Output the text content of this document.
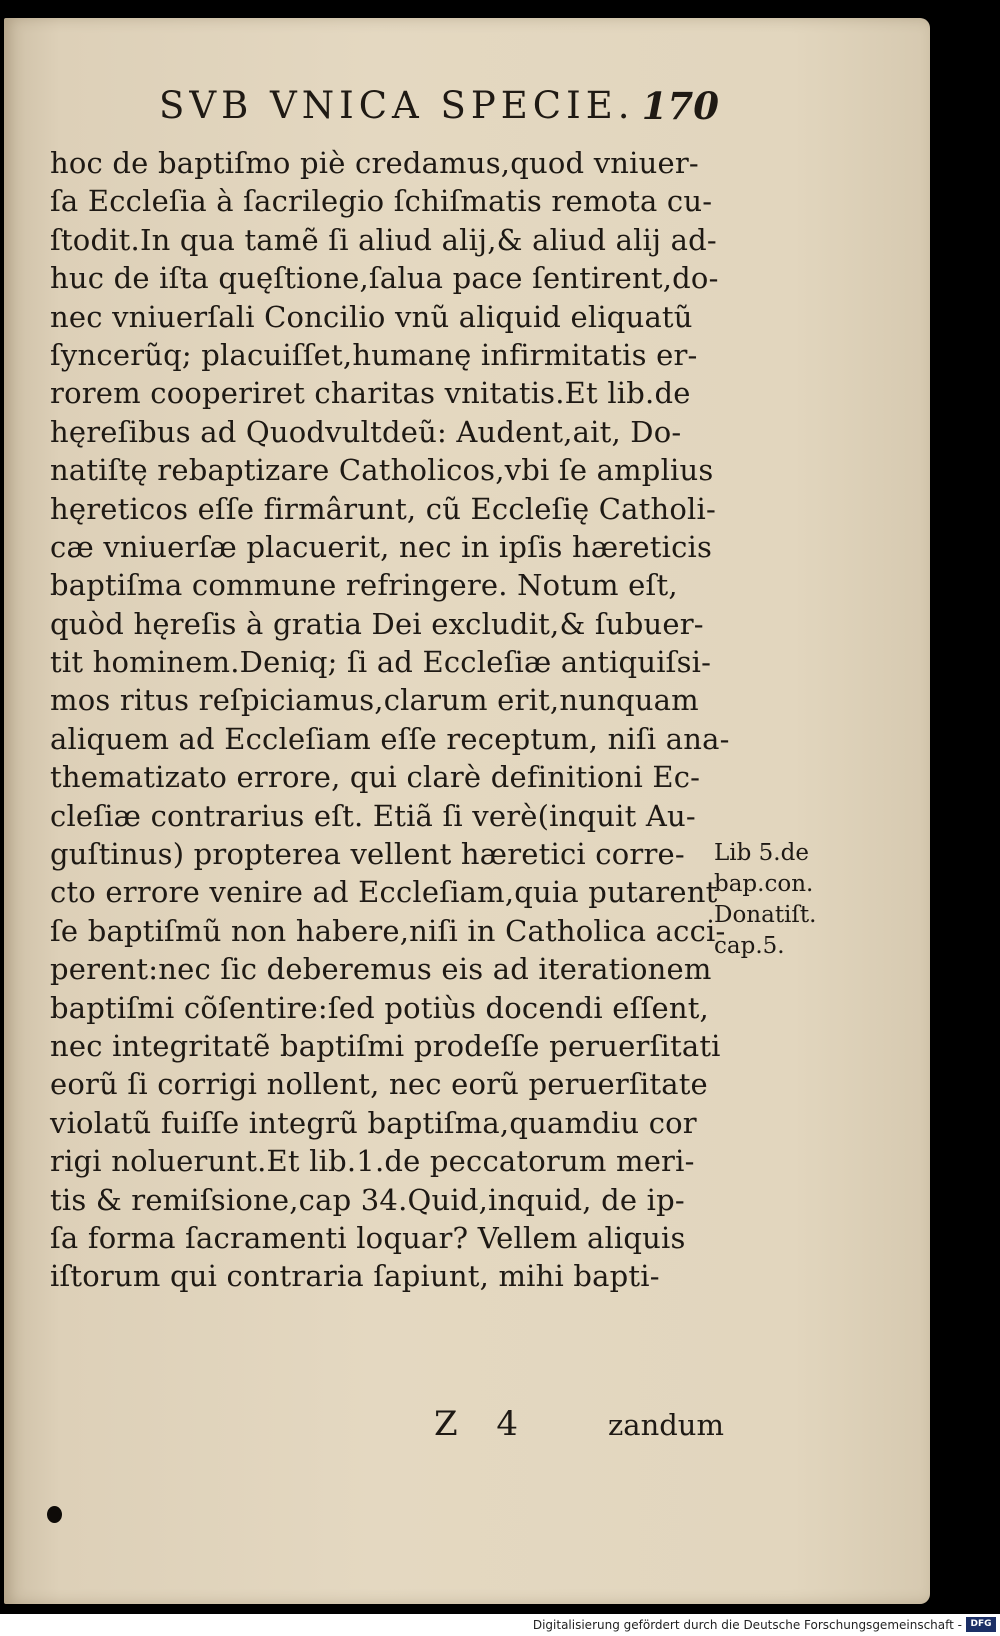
SVB VNICA SPECIE. 170
hoc de baptiſmo piè credamus,quod vniuer-
ſa Eccleſia à ſacrilegio ſchiſmatis remota cu-
ſtodit.In qua tamẽ ſi aliud alij,& aliud alij ad-
huc de iſta quęſtione,ſalua pace ſentirent,do-
nec vniuerſali Concilio vnũ aliquid eliquatũ
ſyncerũq; placuiſſet,humanę infirmitatis er-
rorem cooperiret charitas vnitatis.Et lib.de
hęreſibus ad Quodvultdeũ: Audent,ait, Do-
natiſtę rebaptizare Catholicos,vbi ſe amplius
hęreticos eſſe firmârunt, cũ Eccleſię Catholi-
cæ vniuerſæ placuerit, nec in ipſis hæreticis
baptiſma commune refringere. Notum eſt,
quòd hęreſis à gratia Dei excludit,& ſubuer-
tit hominem.Deniq; ſi ad Eccleſiæ antiquiſsi-
mos ritus reſpiciamus,clarum erit,nunquam
aliquem ad Eccleſiam eſſe receptum, niſi ana-
thematizato errore, qui clarè definitioni Ec-
cleſiæ contrarius eſt. Etiã ſi verè(inquit Au-
guſtinus) propterea vellent hæretici corre-
cto errore venire ad Eccleſiam,quia putarent
ſe baptiſmũ non habere,niſi in Catholica acci-
perent:nec ſic deberemus eis ad iterationem
baptiſmi cõſentire:ſed potiùs docendi eſſent,
nec integritatẽ baptiſmi prodeſſe peruerſitati
eorũ ſi corrigi nollent, nec eorũ peruerſitate
violatũ fuiſſe integrũ baptiſma,quamdiu cor
rigi noluerunt.Et lib.1.de peccatorum meri-
tis & remiſsione,cap 34.Quid,inquid, de ip-
ſa forma ſacramenti loquar? Vellem aliquis
iſtorum qui contraria ſapiunt, mihi bapti-
Lib 5.de
bap.con.
Donatiſt.
cap.5.
Z 4	zandum
Digitalisierung gefördert durch die Deutsche Forschungsgemeinschaft - DFG
